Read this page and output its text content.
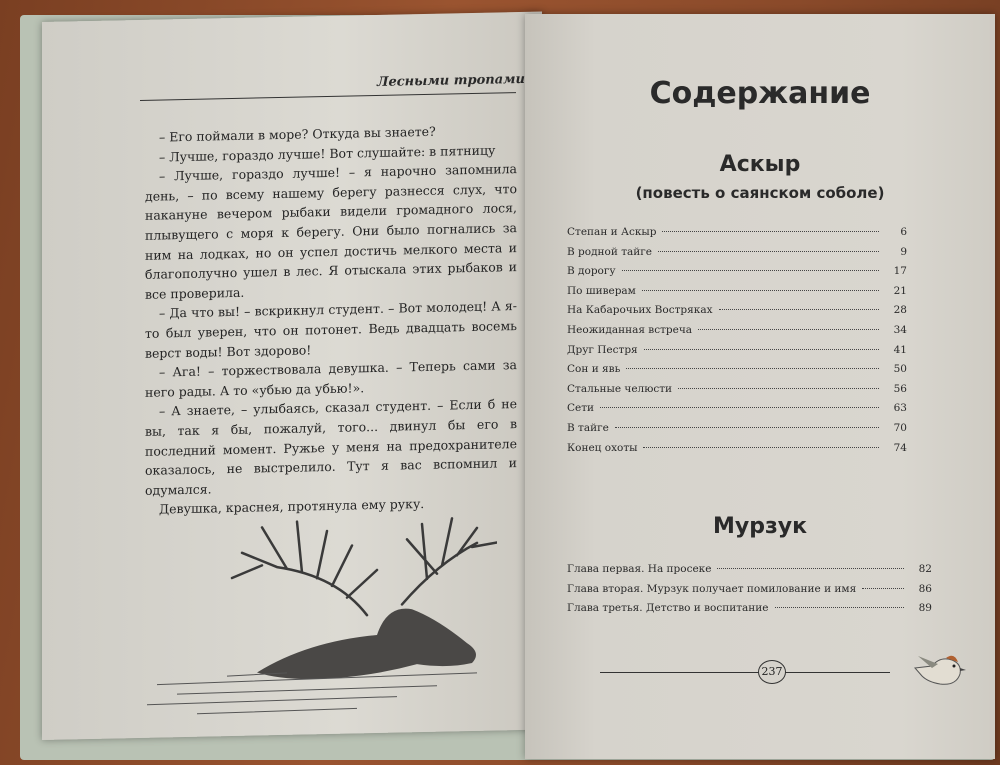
Лесными тропами

– Его поймали в море? Откуда вы знаете?

– Лучше, гораздо лучше! Вот слушайте: в пятницу

– Лучше, гораздо лучше! – я нарочно запомнила день, – по всему нашему берегу разнесся слух, что накануне вечером рыбаки видели громадного лося, плывущего с моря к берегу. Они было погнались за ним на лодках, но он успел достичь мелкого места и благополучно ушел в лес. Я отыскала этих рыбаков и все проверила.

– Да что вы! – вскрикнул студент. – Вот молодец! А я-то был уверен, что он потонет. Ведь двадцать восемь верст воды! Вот здорово!

– Ага! – торжествовала девушка. – Теперь сами за него рады. А то «убью да убью!».

– А знаете, – улыбаясь, сказал студент. – Если б не вы, так я бы, пожалуй, того... двинул бы его в последний момент. Ружье у меня на предохранителе оказалось, не выстрелило. Тут я вас вспомнил и одумался.

Девушка, краснея, протянула ему руку.

Содержание
Аскыр
(повесть о саянском соболе)
Степан и Аскыр	6
В родной тайге	9
В дорогу	17
По шиверам	21
На Кабарочьих Востряках	28
Неожиданная встреча	34
Друг Пестря	41
Сон и явь	50
Стальные челюсти	56
Сети	63
В тайге	70
Конец охоты	74
Мурзук
Глава первая. На просеке	82
Глава вторая. Мурзук получает помилование и имя	86
Глава третья. Детство и воспитание	89
237
